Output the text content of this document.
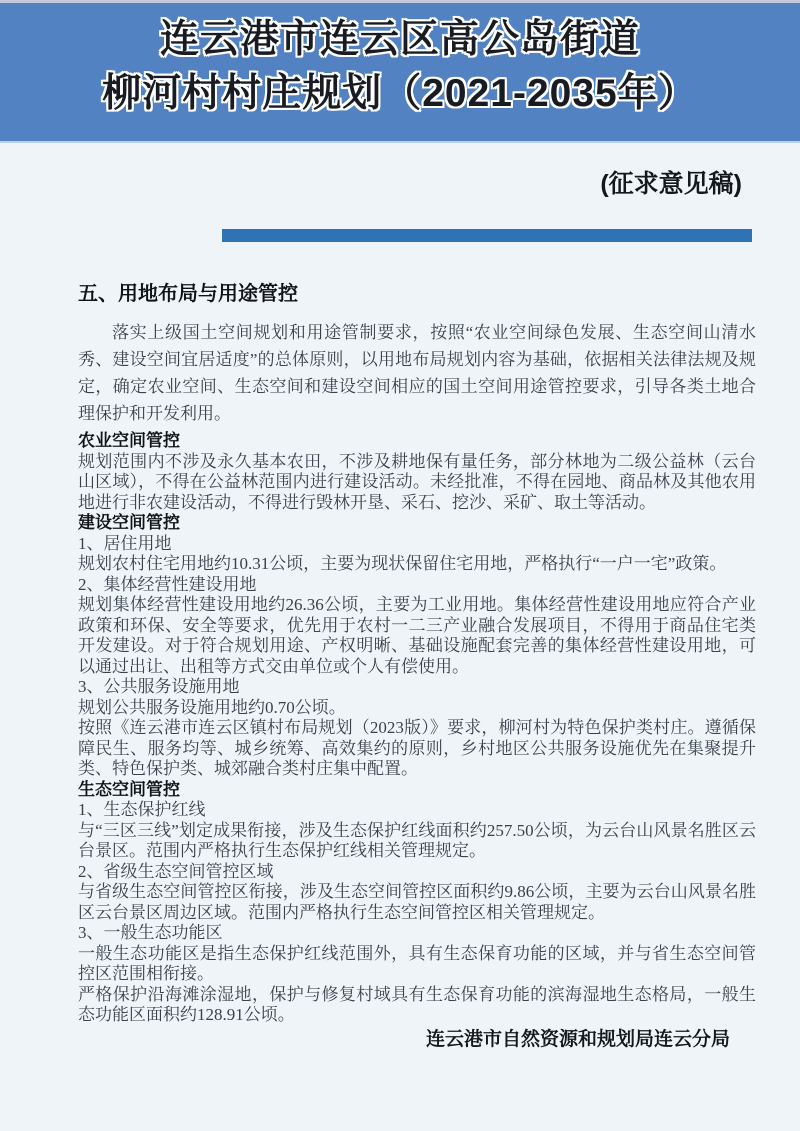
连云港市连云区高公岛街道
柳河村村庄规划（2021-2035年）
(征求意见稿)
五、用地布局与用途管控

落实上级国土空间规划和用途管制要求，按照“农业空间绿色发展、生态空间山清水秀、建设空间宜居适度”的总体原则，以用地布局规划内容为基础，依据相关法律法规及规定，确定农业空间、生态空间和建设空间相应的国土空间用途管控要求，引导各类土地合理保护和开发利用。

农业空间管控

规划范围内不涉及永久基本农田，不涉及耕地保有量任务，部分林地为二级公益林（云台山区域），不得在公益林范围内进行建设活动。未经批准，不得在园地、商品林及其他农用地进行非农建设活动，不得进行毁林开垦、采石、挖沙、采矿、取土等活动。

建设空间管控

1、居住用地

规划农村住宅用地约10.31公顷，主要为现状保留住宅用地，严格执行“一户一宅”政策。

2、集体经营性建设用地

规划集体经营性建设用地约26.36公顷，主要为工业用地。集体经营性建设用地应符合产业政策和环保、安全等要求，优先用于农村一二三产业融合发展项目，不得用于商品住宅类开发建设。对于符合规划用途、产权明晰、基础设施配套完善的集体经营性建设用地，可以通过出让、出租等方式交由单位或个人有偿使用。

3、公共服务设施用地

规划公共服务设施用地约0.70公顷。

按照《连云港市连云区镇村布局规划（2023版）》要求，柳河村为特色保护类村庄。遵循保障民生、服务均等、城乡统筹、高效集约的原则，乡村地区公共服务设施优先在集聚提升类、特色保护类、城郊融合类村庄集中配置。

生态空间管控

1、生态保护红线

与“三区三线”划定成果衔接，涉及生态保护红线面积约257.50公顷，为云台山风景名胜区云台景区。范围内严格执行生态保护红线相关管理规定。

2、省级生态空间管控区域

与省级生态空间管控区衔接，涉及生态空间管控区面积约9.86公顷，主要为云台山风景名胜区云台景区周边区域。范围内严格执行生态空间管控区相关管理规定。

3、一般生态功能区

一般生态功能区是指生态保护红线范围外，具有生态保育功能的区域，并与省生态空间管控区范围相衔接。

严格保护沿海滩涂湿地，保护与修复村域具有生态保育功能的滨海湿地生态格局，一般生态功能区面积约128.91公顷。

连云港市自然资源和规划局连云分局
